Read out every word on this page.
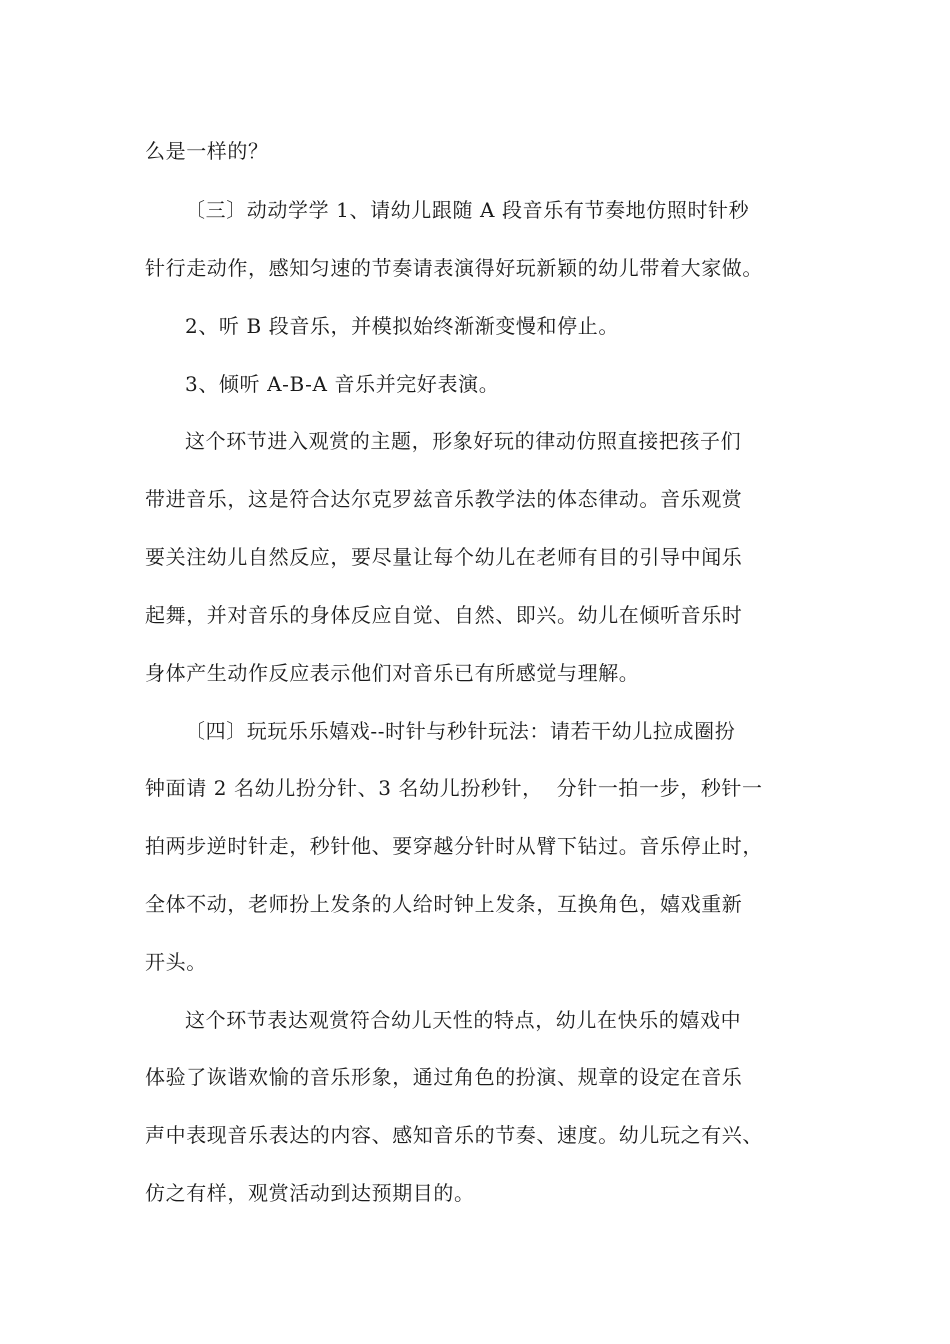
么是一样的？
〔三〕动动学学 1、请幼儿跟随 A 段音乐有节奏地仿照时针秒
针行走动作，感知匀速的节奏请表演得好玩新颖的幼儿带着大家做。
2、听 B 段音乐，并模拟始终渐渐变慢和停止。
3、倾听 A-B-A 音乐并完好表演。
这个环节进入观赏的主题，形象好玩的律动仿照直接把孩子们
带进音乐，这是符合达尔克罗兹音乐教学法的体态律动。音乐观赏
要关注幼儿自然反应，要尽量让每个幼儿在老师有目的引导中闻乐
起舞，并对音乐的身体反应自觉、自然、即兴。幼儿在倾听音乐时
身体产生动作反应表示他们对音乐已有所感觉与理解。
〔四〕玩玩乐乐嬉戏--时针与秒针玩法：请若干幼儿拉成圈扮
钟面请 2 名幼儿扮分针、3 名幼儿扮秒针，  分针一拍一步，秒针一
拍两步逆时针走，秒针他、要穿越分针时从臂下钻过。音乐停止时，
全体不动，老师扮上发条的人给时钟上发条，互换角色，嬉戏重新
开头。
这个环节表达观赏符合幼儿天性的特点，幼儿在快乐的嬉戏中
体验了诙谐欢愉的音乐形象，通过角色的扮演、规章的设定在音乐
声中表现音乐表达的内容、感知音乐的节奏、速度。幼儿玩之有兴、
仿之有样，观赏活动到达预期目的。
